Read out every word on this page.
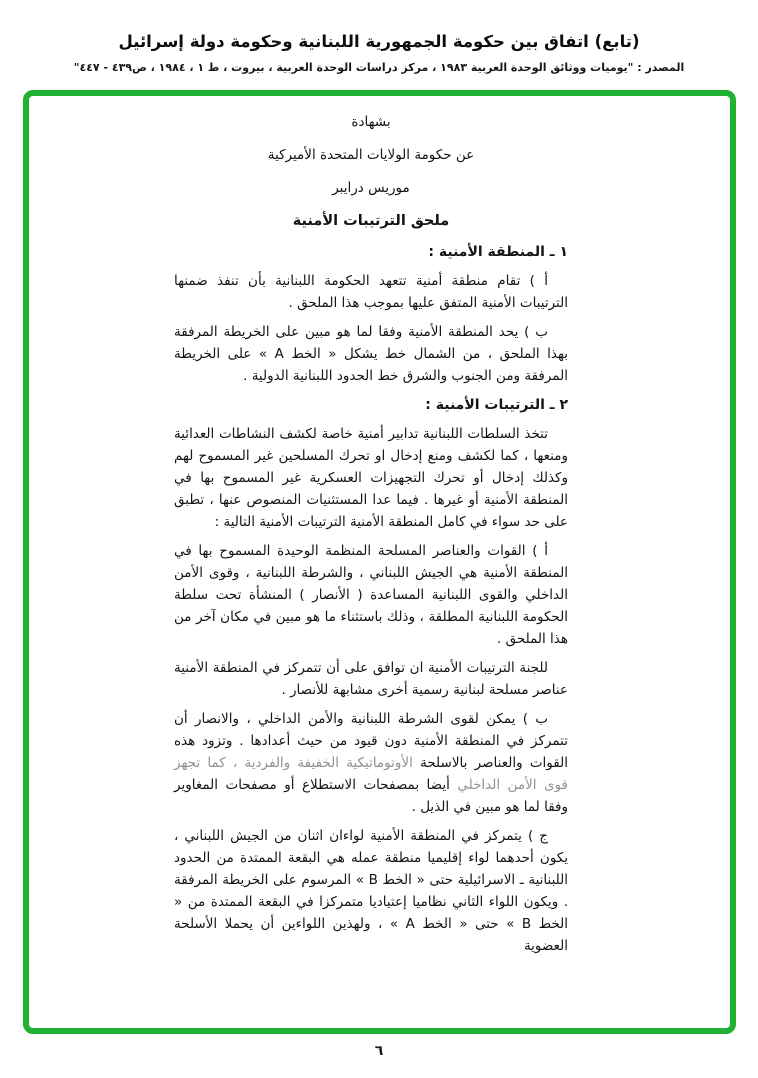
(تابع) اتفاق بين حكومة الجمهورية اللبنانية وحكومة دولة إسرائيل

المصدر : "يوميات ووثائق الوحدة العربية ١٩٨٣ ، مركز دراسات الوحدة العربية ، بيروت ، ط ١ ، ١٩٨٤ ، ص٤٣٩ - ٤٤٧"

بشهادة

عن حكومة الولايات المتحدة الأميركية

موريس درايبر

ملحق الترتيبات الأمنية

١ ـ المنطقة الأمنية :

أ ) تقام منطقة أمنية تتعهد الحكومة اللبنانية بأن تنفذ ضمنها الترتيبات الأمنية المتفق عليها بموجب هذا الملحق .

ب ) يحد المنطقة الأمنية وفقا لما هو مبين على الخريطة المرفقة بهذا الملحق ، من الشمال خط يشكل « الخط A » على الخريطة المرفقة ومن الجنوب والشرق خط الحدود اللبنانية الدولية .

٢ ـ الترتيبات الأمنية :

تتخذ السلطات اللبنانية تدابير أمنية خاصة لكشف النشاطات العدائية ومنعها ، كما لكشف ومنع إدخال او تحرك المسلحين غير المسموح لهم وكذلك إدخال أو تحرك التجهيزات العسكرية غير المسموح بها في المنطقة الأمنية أو غيرها . فيما عدا المستثنيات المنصوص عنها ، تطبق على حد سواء في كامل المنطقة الأمنية الترتيبات الأمنية التالية :

أ ) القوات والعناصر المسلحة المنظمة الوحيدة المسموح بها في المنطقة الأمنية هي الجيش اللبناني ، والشرطة اللبنانية ، وقوى الأمن الداخلي والقوى اللبنانية المساعدة ( الأنصار ) المنشأة تحت سلطة الحكومة اللبنانية المطلقة ، وذلك باستثناء ما هو مبين في مكان آخر من هذا الملحق .

للجنة الترتيبات الأمنية ان توافق على أن تتمركز في المنطقة الأمنية عناصر مسلحة لبنانية رسمية أخرى مشابهة للأنصار .

ب ) يمكن لقوى الشرطة اللبنانية والأمن الداخلي ، والانصار أن تتمركز في المنطقة الأمنية دون قيود من حيث أعدادها . وتزود هذه القوات والعناصر بالاسلحة الأوتوماتيكية الخفيفة والفردية ، كما تجهز قوى الأمن الداخلي أيضا بمصفحات الاستطلاع أو مصفحات المغاوير وفقا لما هو مبين في الذيل .

ج ) يتمركز في المنطقة الأمنية لواءان اثنان من الجيش اللبناني ، يكون أحدهما لواء إقليميا منطقة عمله هي البقعة الممتدة من الحدود اللبنانية ـ الاسرائيلية حتى « الخط B » المرسوم على الخريطة المرفقة . ويكون اللواء الثاني نظاميا إعتياديا متمركزا في البقعة الممتدة من « الخط B » حتى « الخط A » ، ولهذين اللواءين أن يحملا الأسلحة العضوية

٦
